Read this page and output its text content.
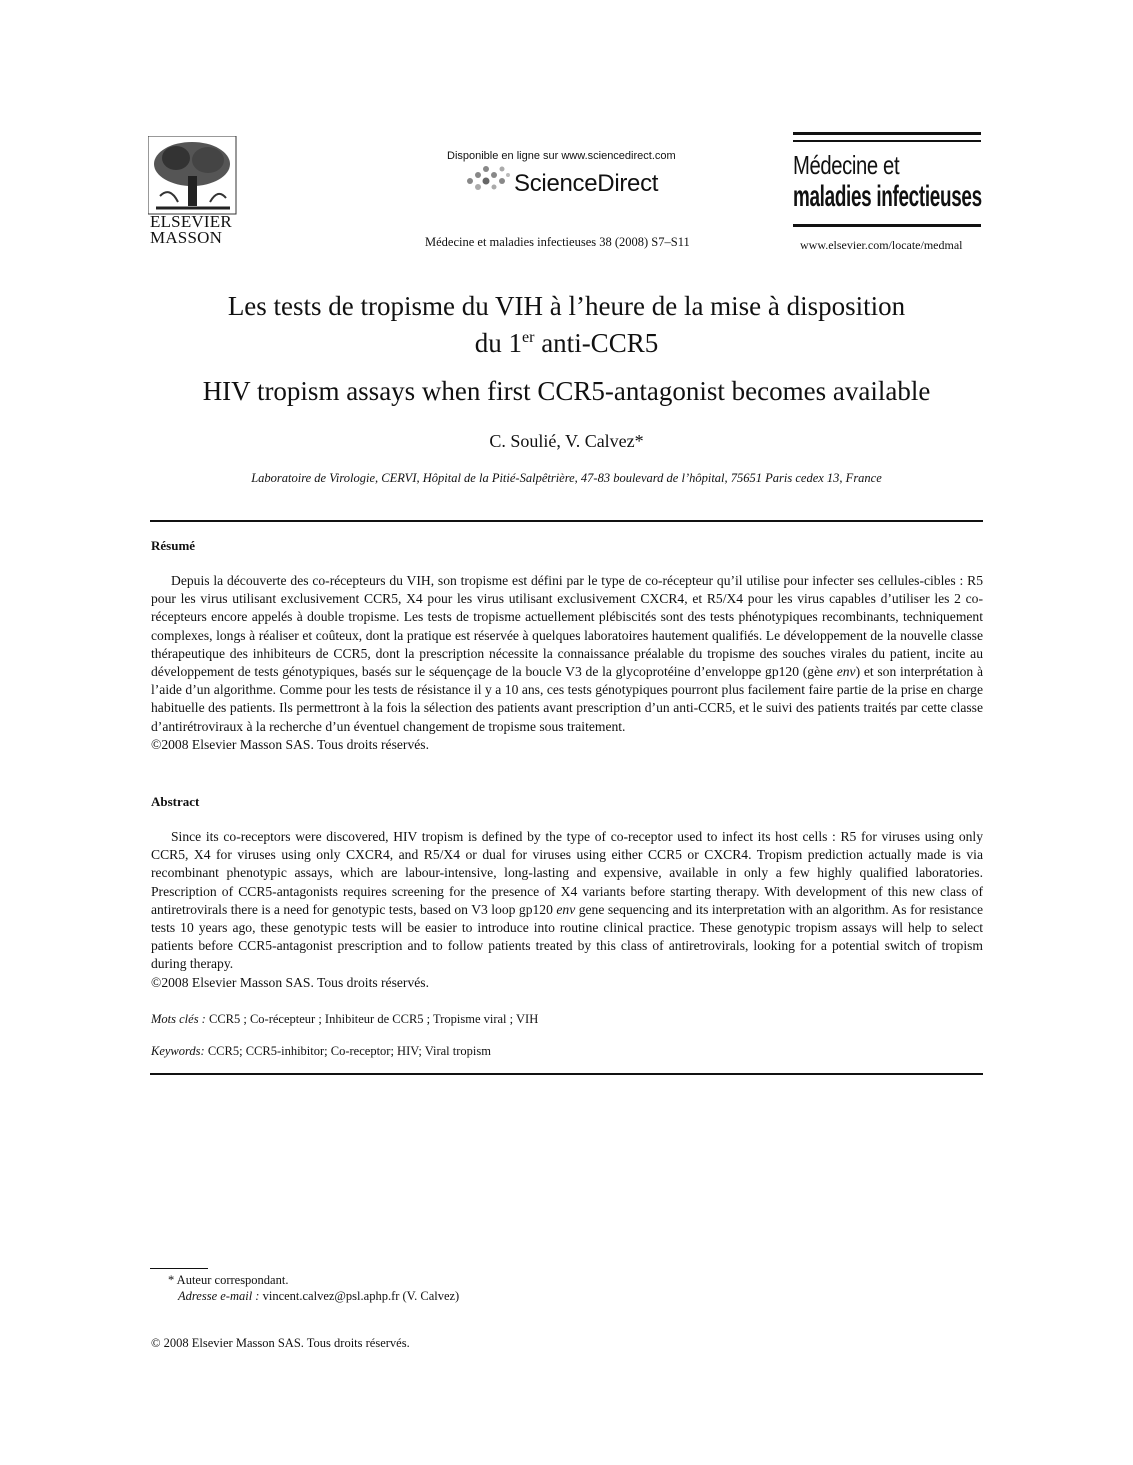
ELSEVIER
MASSON
Disponible en ligne sur www.sciencedirect.com
ScienceDirect
Médecine et maladies infectieuses 38 (2008) S7–S11
Médecine et
maladies infectieuses
www.elsevier.com/locate/medmal
Les tests de tropisme du VIH à l’heure de la mise à disposition
du 1er anti-CCR5
HIV tropism assays when first CCR5-antagonist becomes available
C. Soulié, V. Calvez*
Laboratoire de Virologie, CERVI, Hôpital de la Pitié-Salpêtrière, 47-83 boulevard de l’hôpital, 75651 Paris cedex 13, France
Résumé

Depuis la découverte des co-récepteurs du VIH, son tropisme est défini par le type de co-récepteur qu’il utilise pour infecter ses cellules-cibles : R5 pour les virus utilisant exclusivement CCR5, X4 pour les virus utilisant exclusivement CXCR4, et R5/X4 pour les virus capables d’utiliser les 2 co-récepteurs encore appelés à double tropisme. Les tests de tropisme actuellement plébiscités sont des tests phénotypiques recombinants, techniquement complexes, longs à réaliser et coûteux, dont la pratique est réservée à quelques laboratoires hautement qualifiés. Le développement de la nouvelle classe thérapeutique des inhibiteurs de CCR5, dont la prescription nécessite la connaissance préalable du tropisme des souches virales du patient, incite au développement de tests génotypiques, basés sur le séquençage de la boucle V3 de la glycoprotéine d’enveloppe gp120 (gène env) et son interprétation à l’aide d’un algorithme. Comme pour les tests de résistance il y a 10 ans, ces tests génotypiques pourront plus facilement faire partie de la prise en charge habituelle des patients. Ils permettront à la fois la sélection des patients avant prescription d’un anti-CCR5, et le suivi des patients traités par cette classe d’antirétroviraux à la recherche d’un éventuel changement de tropisme sous traitement.

©2008 Elsevier Masson SAS. Tous droits réservés.
Abstract

Since its co-receptors were discovered, HIV tropism is defined by the type of co-receptor used to infect its host cells : R5 for viruses using only CCR5, X4 for viruses using only CXCR4, and R5/X4 or dual for viruses using either CCR5 or CXCR4. Tropism prediction actually made is via recombinant phenotypic assays, which are labour-intensive, long-lasting and expensive, available in only a few highly qualified laboratories. Prescription of CCR5-antagonists requires screening for the presence of X4 variants before starting therapy. With development of this new class of antiretrovirals there is a need for genotypic tests, based on V3 loop gp120 env gene sequencing and its interpretation with an algorithm. As for resistance tests 10 years ago, these genotypic tests will be easier to introduce into routine clinical practice. These genotypic tropism assays will help to select patients before CCR5-antagonist prescription and to follow patients treated by this class of antiretrovirals, looking for a potential switch of tropism during therapy.

©2008 Elsevier Masson SAS. Tous droits réservés.
Mots clés : CCR5 ; Co-récepteur ; Inhibiteur de CCR5 ; Tropisme viral ; VIH
Keywords: CCR5; CCR5-inhibitor; Co-receptor; HIV; Viral tropism
* Auteur correspondant.
Adresse e-mail : vincent.calvez@psl.aphp.fr (V. Calvez)
© 2008 Elsevier Masson SAS. Tous droits réservés.
